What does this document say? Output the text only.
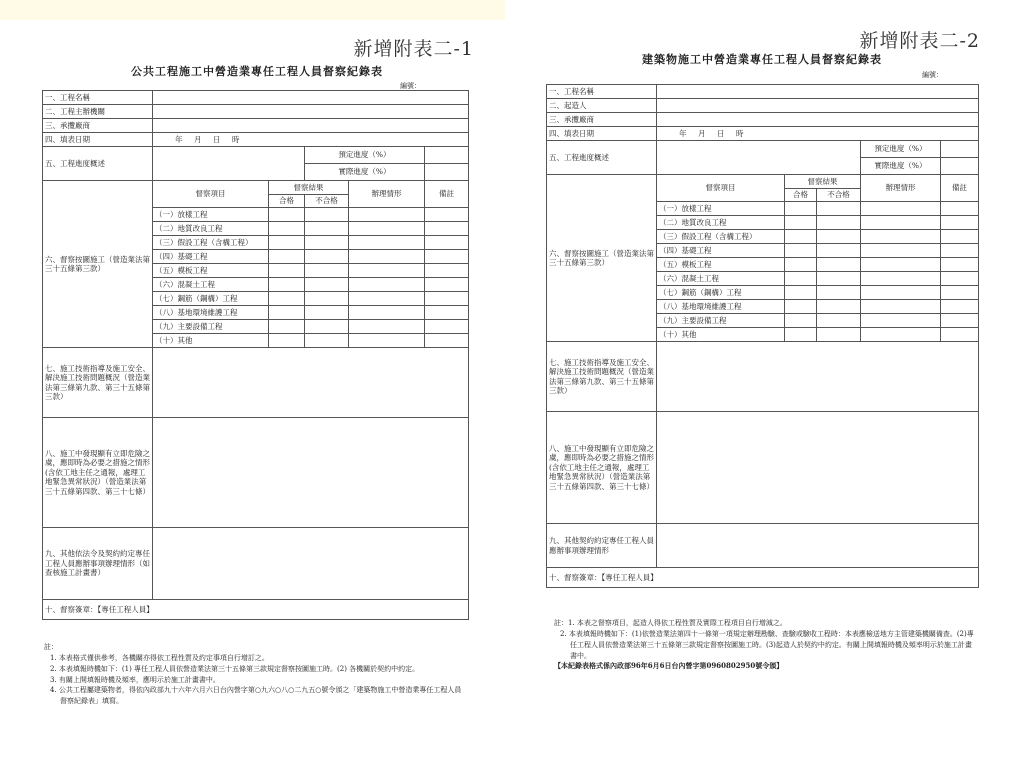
新增附表二-1
公共工程施工中營造業專任工程人員督察紀錄表
編號：
一、工程名稱					
二、工程主辦機關					
三、承攬廠商					
四、填表日期	年　月　日　時				
五、工程進度概述			預定進度（%）		
			實際進度（%）		
六、督察按圖施工（營造業法第三十五條第三款）	督察項目	督察結果		辦理情形	備註
		合格	不合格		
	（一）放樣工程				
	（二）地質改良工程				
	（三）假設工程（含構工程）				
	（四）基礎工程				
	（五）模板工程				
	（六）混凝土工程				
	（七）鋼筋（鋼構）工程				
	（八）基地環境維護工程				
	（九）主要設備工程				
	（十）其他				
七、施工技術指導及施工安全、解決施工技術問題概況（營造業法第三條第九款、第三十五條第三款）					
八、施工中發現顯有立即危險之虞，應即時為必要之措施之情形(含依工地主任之通報，處理工地緊急異常狀況）（營造業法第三十五條第四款、第三十七條）					
九、其他依法令及契約約定專任工程人員應辦事項辦理情形（如查核施工計畫書）					
十、督察簽章：【專任工程人員】					
註：
1. 本表格式僅供參考，各機關亦得依工程性質及約定事項自行增訂之。
2. 本表填報時機如下：(1) 專任工程人員依營造業法第三十五條第三款規定督察按圖施工時。(2) 各機關於契約中約定。
3. 有關上開填報時機及頻率，應明示於施工計畫書中。
4. 公共工程屬建築物者，得依內政部九十六年六月六日台內營字第○九六○八○二九五○號令頒之「建築物施工中營造業專任工程人員督察紀錄表」填寫。
新增附表二-2
建築物施工中營造業專任工程人員督察紀錄表
編號：
一、工程名稱					
二、起造人					
三、承攬廠商					
四、填表日期	年　月　日　時				
五、工程進度概述				預定進度（%）	
				實際進度（%）	
六、督察按圖施工（營造業法第三十五條第三款）	督察項目	督察結果		辦理情形	備註
		合格	不合格		
	（一）放樣工程				
	（二）地質改良工程				
	（三）假設工程（含構工程）				
	（四）基礎工程				
	（五）模板工程				
	（六）混凝土工程				
	（七）鋼筋（鋼構）工程				
	（八）基地環境維護工程				
	（九）主要設備工程				
	（十）其他				
七、施工技術指導及施工安全、解決施工技術問題概況（營造業法第三條第九款、第三十五條第三款）					
八、施工中發現顯有立即危險之虞，應即時為必要之措施之情形(含依工地主任之通報，處理工地緊急異常狀況）（營造業法第三十五條第四款、第三十七條）					
九、其他契約約定專任工程人員應辦事項辦理情形					
十、督察簽章：【專任工程人員】					
註：1. 本表之督察項目，起造人得依工程性質及實際工程項目自行增減之。
2. 本表填報時機如下：(1)依營造業法第四十一條第一項規定辦理勘驗、查驗或驗收工程時：本表應檢送地方主管建築機關備查。(2)專任工程人員依營造業法第三十五條第三款規定督察按圖施工時。(3)起造人於契約中約定。有關上開填報時機及頻率明示於施工計畫書中。
【本紀錄表格式係內政部96年6月6日台內營字第0960802950號令頒】
